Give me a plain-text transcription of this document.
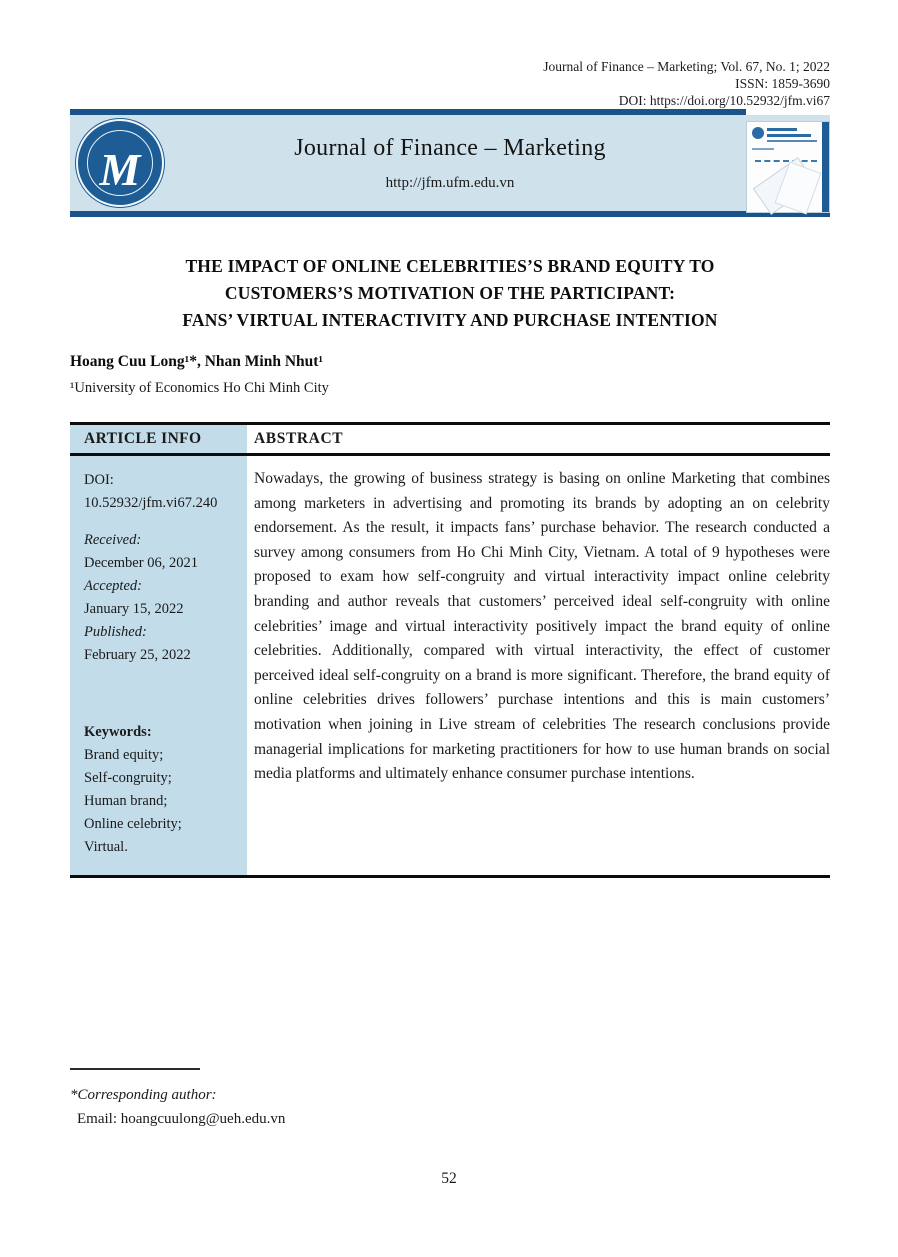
Journal of Finance – Marketing; Vol. 67, No. 1; 2022
ISSN: 1859-3690
DOI: https://doi.org/10.52932/jfm.vi67
M	Journal of Finance – Marketing
http://jfm.ufm.edu.vn
THE IMPACT OF ONLINE CELEBRITIES’S BRAND EQUITY TO
CUSTOMERS’S MOTIVATION OF THE PARTICIPANT:
FANS’ VIRTUAL INTERACTIVITY AND PURCHASE INTENTION
Hoang Cuu Long¹*, Nhan Minh Nhut¹
¹University of Economics Ho Chi Minh City
ARTICLE INFO	ABSTRACT
DOI:
10.52932/jfm.vi67.240
Received:
December 06, 2021
Accepted:
January 15, 2022
Published:
February 25, 2022
Keywords:
Brand equity;
Self-congruity;
Human brand;
Online celebrity;
Virtual.
Nowadays, the growing of business strategy is basing on online Marketing that combines among marketers in advertising and promoting its brands by adopting an on celebrity endorsement. As the result, it impacts fans’ purchase behavior. The research conducted a survey among consumers from Ho Chi Minh City, Vietnam. A total of 9 hypotheses were proposed to exam how self-congruity and virtual interactivity impact online celebrity branding and author reveals that customers’ perceived ideal self-congruity with online celebrities’ image and virtual interactivity positively impact the brand equity of online celebrities. Additionally, compared with virtual interactivity, the effect of customer perceived ideal self-congruity on a brand is more significant. Therefore, the brand equity of online celebrities drives followers’ purchase intentions and this is main customers’ motivation when joining in Live stream of celebrities The research conclusions provide managerial implications for marketing practitioners for how to use human brands on social media platforms and ultimately enhance consumer purchase intentions.
*Corresponding author:
Email: hoangcuulong@ueh.edu.vn
52
